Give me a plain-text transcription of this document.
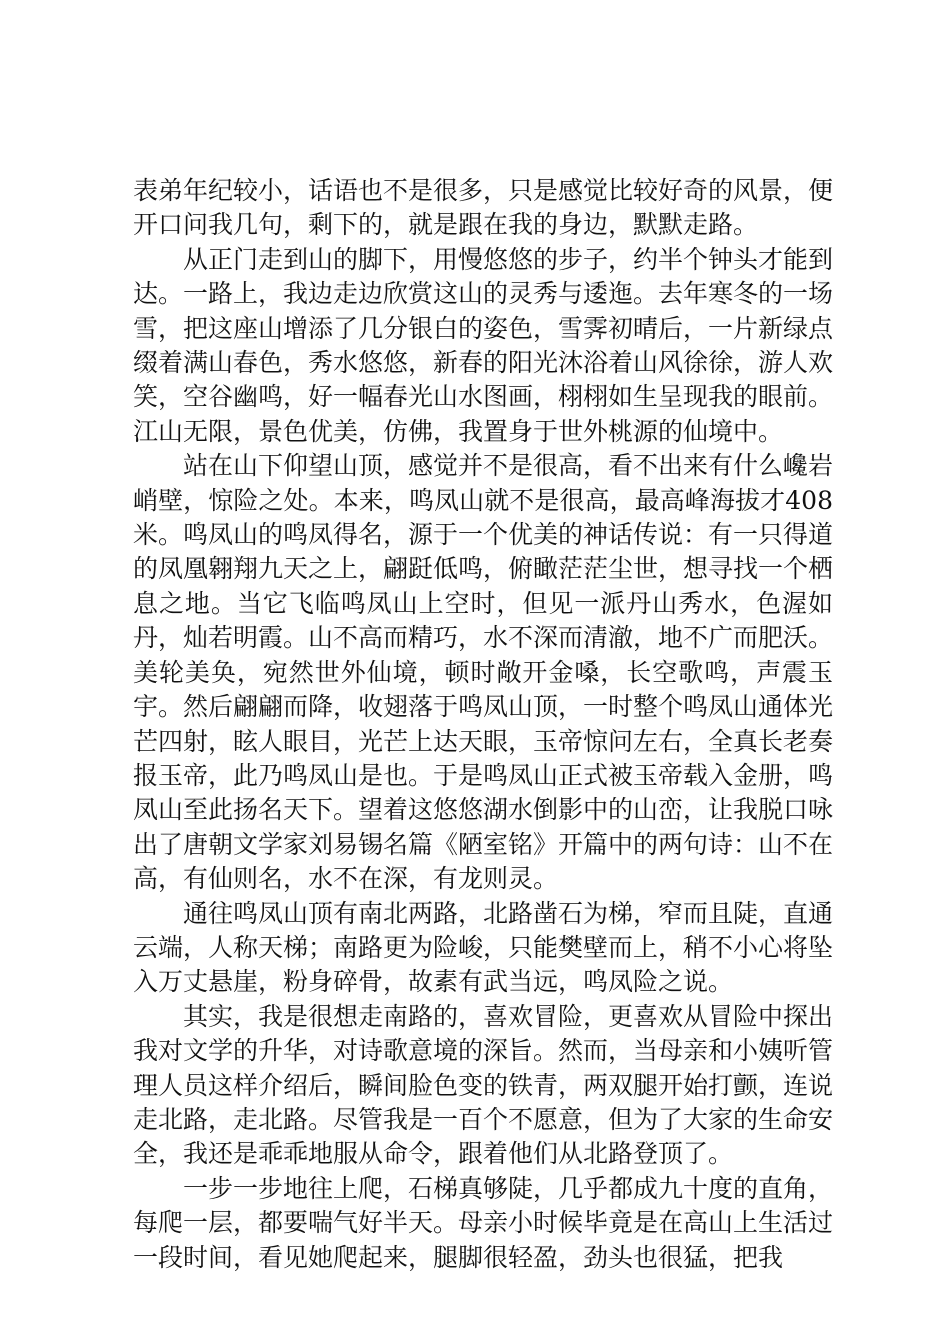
表弟年纪较小，话语也不是很多，只是感觉比较好奇的风景，便开口问我几句，剩下的，就是跟在我的身边，默默走路。

从正门走到山的脚下，用慢悠悠的步子，约半个钟头才能到达。一路上，我边走边欣赏这山的灵秀与逶迤。去年寒冬的一场雪，把这座山增添了几分银白的姿色，雪霁初晴后，一片新绿点缀着满山春色，秀水悠悠，新春的阳光沐浴着山风徐徐，游人欢笑，空谷幽鸣，好一幅春光山水图画，栩栩如生呈现我的眼前。江山无限，景色优美，仿佛，我置身于世外桃源的仙境中。

站在山下仰望山顶，感觉并不是很高，看不出来有什么巉岩峭壁，惊险之处。本来，鸣凤山就不是很高，最高峰海拔才408米。鸣凤山的鸣凤得名，源于一个优美的神话传说：有一只得道的凤凰翱翔九天之上，翩跹低鸣，俯瞰茫茫尘世，想寻找一个栖息之地。当它飞临鸣凤山上空时，但见一派丹山秀水，色渥如丹，灿若明霞。山不高而精巧，水不深而清澈，地不广而肥沃。美轮美奂，宛然世外仙境，顿时敞开金嗓，长空歌鸣，声震玉宇。然后翩翩而降，收翅落于鸣凤山顶，一时整个鸣凤山通体光芒四射，眩人眼目，光芒上达天眼，玉帝惊问左右，全真长老奏报玉帝，此乃鸣凤山是也。于是鸣凤山正式被玉帝载入金册，鸣凤山至此扬名天下。望着这悠悠湖水倒影中的山峦，让我脱口咏出了唐朝文学家刘易锡名篇《陋室铭》开篇中的两句诗：山不在高，有仙则名，水不在深，有龙则灵。

通往鸣凤山顶有南北两路，北路凿石为梯，窄而且陡，直通云端，人称天梯；南路更为险峻，只能樊壁而上，稍不小心将坠入万丈悬崖，粉身碎骨，故素有武当远，鸣凤险之说。

其实，我是很想走南路的，喜欢冒险，更喜欢从冒险中探出我对文学的升华，对诗歌意境的深旨。然而，当母亲和小姨听管理人员这样介绍后，瞬间脸色变的铁青，两双腿开始打颤，连说走北路，走北路。尽管我是一百个不愿意，但为了大家的生命安全，我还是乖乖地服从命令，跟着他们从北路登顶了。

一步一步地往上爬，石梯真够陡，几乎都成九十度的直角，每爬一层，都要喘气好半天。母亲小时候毕竟是在高山上生活过一段时间，看见她爬起来，腿脚很轻盈，劲头也很猛，把我
